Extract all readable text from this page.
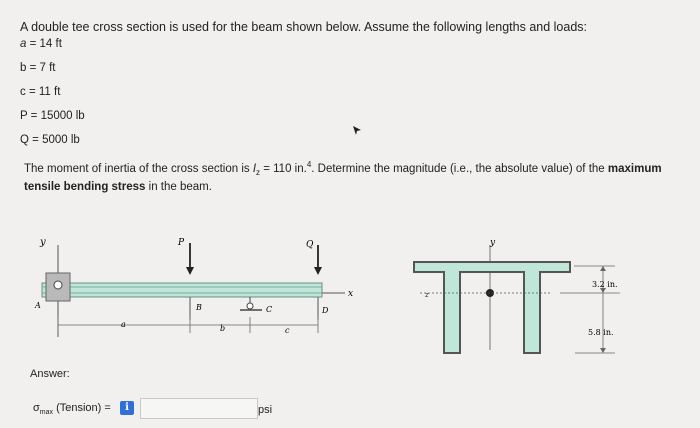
A double tee cross section is used for the beam shown below. Assume the following lengths and loads:
a = 14 ft
b = 7 ft
c = 11 ft
P = 15000 lb
Q = 5000 lb
The moment of inertia of the cross section is $I_z = 110$ in.$^4$. Determine the magnitude (i.e., the absolute value) of the maximum tensile bending stress in the beam.
y
x
A
P
B	C
Q
D
a	b	c
y
z
3.2 in.
5.8 in.
Answer:
$\sigma_{max}$ (Tension) =	i	psi
